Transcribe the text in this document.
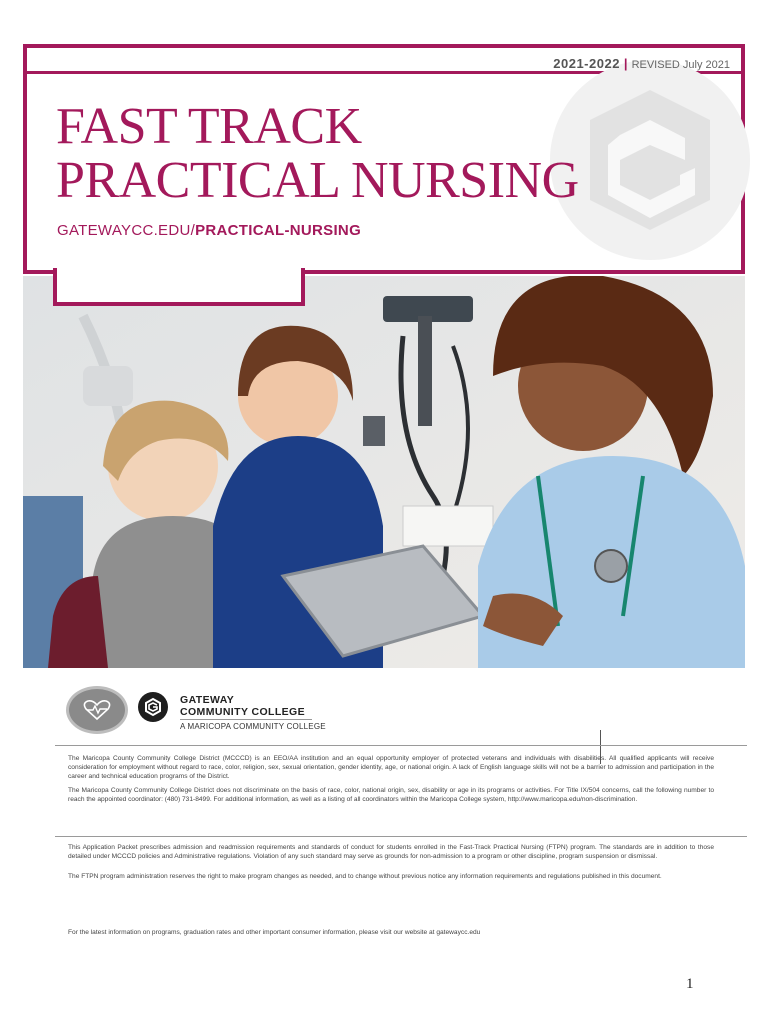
2021-2022 | REVISED July 2021
FAST TRACK
PRACTICAL NURSING
GATEWAYCC.EDU/PRACTICAL-NURSING
GATEWAY
COMMUNITY COLLEGE
A MARICOPA COMMUNITY COLLEGE
The Maricopa County Community College District (MCCCD) is an EEO/AA institution and an equal opportunity employer of protected veterans and individuals with disabilities. All qualified applicants will receive consideration for employment without regard to race, color, religion, sex, sexual orientation, gender identity, age, or national origin. A lack of English language skills will not be a barrier to admission and participation in the career and technical education programs of the District.
The Maricopa County Community College District does not discriminate on the basis of race, color, national origin, sex, disability or age in its programs or activities. For Title IX/504 concerns, call the following number to reach the appointed coordinator: (480) 731-8499. For additional information, as well as a listing of all coordinators within the Maricopa College system, http://www.maricopa.edu/non-discrimination.
This Application Packet prescribes admission and readmission requirements and standards of conduct for students enrolled in the Fast-Track Practical Nursing (FTPN) program. The standards are in addition to those detailed under MCCCD policies and Administrative regulations. Violation of any such standard may serve as grounds for non-admission to a program or other discipline, program suspension or dismissal.
The FTPN program administration reserves the right to make program changes as needed, and to change without previous notice any information requirements and regulations published in this document.
For the latest information on programs, graduation rates and other important consumer information, please visit our website at gatewaycc.edu
1
